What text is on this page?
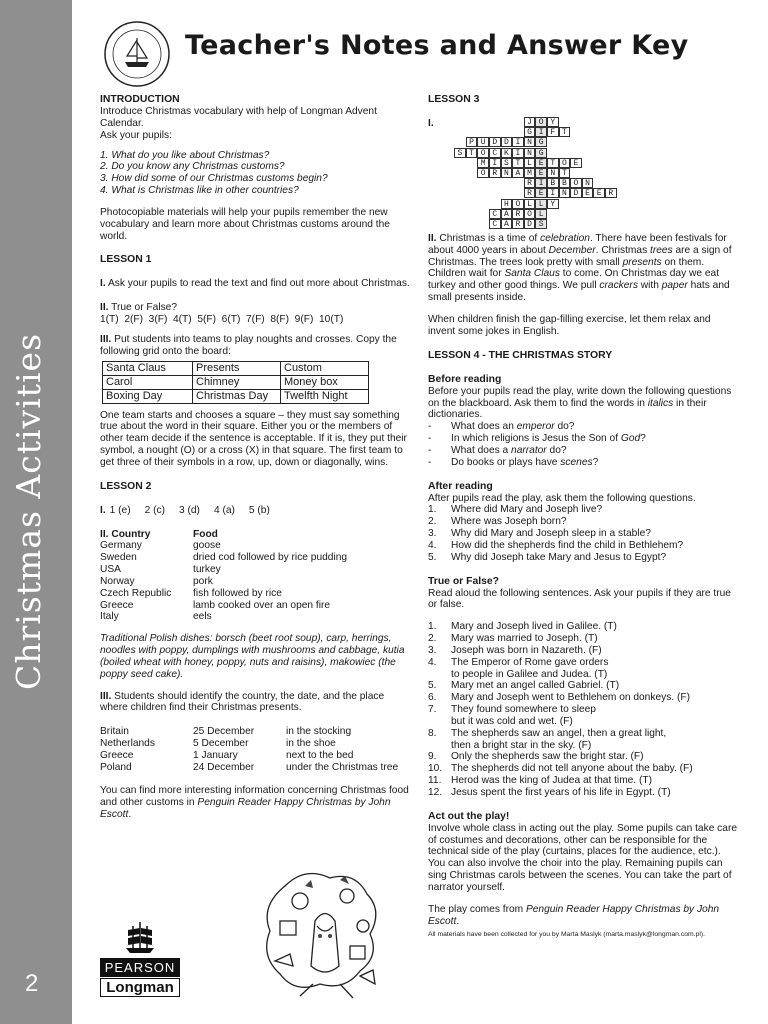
Christmas Activities
2
Teacher's Notes and Answer Key
INTRODUCTION

Introduce Christmas vocabulary with help of Longman Advent Calendar.

Ask your pupils:

1. What do you like about Christmas?

2. Do you know any Christmas customs?

3. How did some of our Christmas customs begin?

4. What is Christmas like in other countries?

Photocopiable materials will help your pupils remember the new vocabulary and learn more about Christmas customs around the world.

LESSON 1

I. Ask your pupils to read the text and find out more about Christmas.

II. True or False?

1(T)  2(F)  3(F)  4(T)  5(F)  6(T)  7(F)  8(F)  9(F)  10(T)

III. Put students into teams to play noughts and crosses. Copy the following grid onto the board:

Santa Claus	Presents	Custom
Carol	Chimney	Money box
Boxing Day	Christmas Day	Twelfth Night

One team starts and chooses a square – they must say something true about the word in their square. Either you or the members of other team decide if the sentence is acceptable. If it is, they put their symbol, a nought (O) or a cross (X) in that square. The first team to get three of their symbols in a row, up, down or diagonally, wins.

LESSON 2

I. 1 (e) 2 (c) 3 (d) 4 (a) 5 (b)

II. Country	Food
Germany	goose
Sweden	dried cod followed by rice pudding
USA	turkey
Norway	pork
Czech Republic	fish followed by rice
Greece	lamb cooked over an open fire
Italy	eels

Traditional Polish dishes: borsch (beet root soup), carp, herrings, noodles with poppy, dumplings with mushrooms and cabbage, kutia (boiled wheat with honey, poppy, nuts and raisins), makowiec (the poppy seed cake).

III. Students should identify the country, the date, and the place where children find their Christmas presents.

Britain	25 December	in the stocking
Netherlands	5 December	in the shoe
Greece	1 January	next to the bed
Poland	24 December	under the Christmas tree

You can find more interesting information concerning Christmas food and other customs in Penguin Reader Happy Christmas by John Escott.

PEARSON
Longman
LESSON 3

I.	J O Y
G I F T
P U D D I N G
S T O C K I N G
M I S T L E T O E
O R N A M E N T
R I B B O N
R E I N D E E R
H O L L Y
C A R O L
C A R D S

II. Christmas is a time of celebration. There have been festivals for about 4000 years in about December. Christmas trees are a sign of Christmas. The trees look pretty with small presents on them. Children wait for Santa Claus to come. On Christmas day we eat turkey and other good things. We pull crackers with paper hats and small presents inside.

When children finish the gap-filling exercise, let them relax and invent some jokes in English.

LESSON 4 - THE CHRISTMAS STORY
Before reading

Before your pupils read the play, write down the following questions on the blackboard. Ask them to find the words in italics in their dictionaries.

-	What does an emperor do?
-	In which religions is Jesus the Son of God?
-	What does a narrator do?
-	Do books or plays have scenes?
After reading

After pupils read the play, ask them the following questions.

1.	Where did Mary and Joseph live?
2.	Where was Joseph born?
3.	Why did Mary and Joseph sleep in a stable?
4.	How did the shepherds find the child in Bethlehem?
5.	Why did Joseph take Mary and Jesus to Egypt?
True or False?

Read aloud the following sentences. Ask your pupils if they are true or false.

1.	Mary and Joseph lived in Galilee. (T)
2.	Mary was married to Joseph. (T)
3.	Joseph was born in Nazareth. (F)
4.	The Emperor of Rome gave orders
to people in Galilee and Judea. (T)
5.	Mary met an angel called Gabriel. (T)
6.	Mary and Joseph went to Bethlehem on donkeys. (F)
7.	They found somewhere to sleep
but it was cold and wet. (F)
8.	The shepherds saw an angel, then a great light,
then a bright star in the sky. (F)
9.	Only the shepherds saw the bright star. (F)
10. The shepherds did not tell anyone about the baby. (F)
11. Herod was the king of Judea at that time. (T)
12. Jesus spent the first years of his life in Egypt. (T)
Act out the play!

Involve whole class in acting out the play. Some pupils can take care of costumes and decorations, other can be responsible for the technical side of the play (curtains, places for the audience, etc.). You can also involve the choir into the play. Remaining pupils can sing Christmas carols between the scenes. You can take the part of narrator yourself.

The play comes from Penguin Reader Happy Christmas by John Escott.

All materials have been collected for you by Marta Maslyk (marta.maslyk@longman.com.pl).
